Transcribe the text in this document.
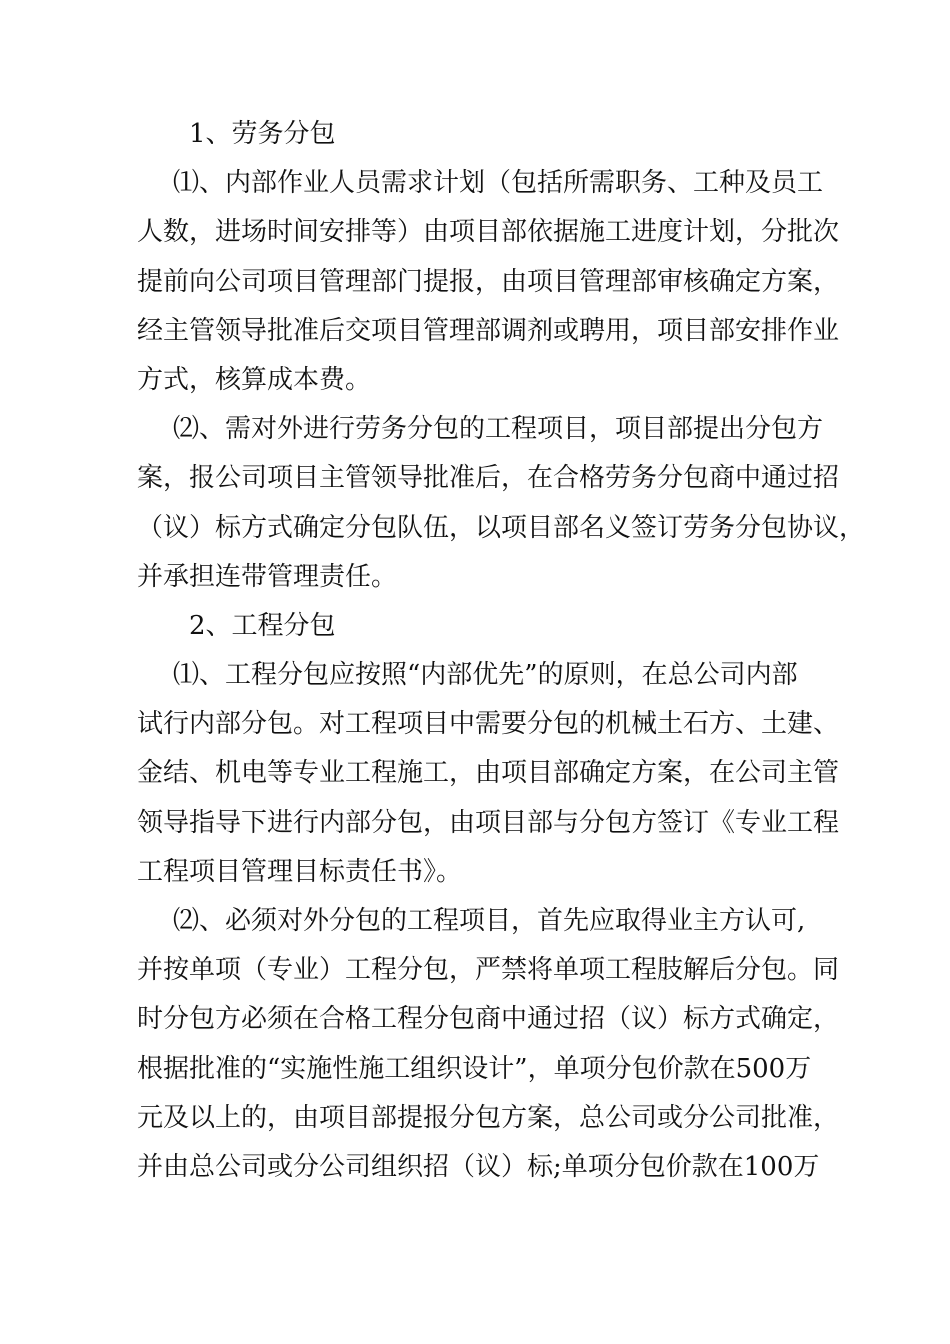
1、劳务分包
⑴、内部作业人员需求计划（包括所需职务、工种及员工
人数，进场时间安排等）由项目部依据施工进度计划，分批次
提前向公司项目管理部门提报，由项目管理部审核确定方案，
经主管领导批准后交项目管理部调剂或聘用，项目部安排作业
方式，核算成本费。
⑵、需对外进行劳务分包的工程项目，项目部提出分包方
案，报公司项目主管领导批准后，在合格劳务分包商中通过招
（议）标方式确定分包队伍，以项目部名义签订劳务分包协议，
并承担连带管理责任。
2、工程分包
⑴、工程分包应按照“内部优先”的原则，在总公司内部
试行内部分包。对工程项目中需要分包的机械土石方、土建、
金结、机电等专业工程施工，由项目部确定方案，在公司主管
领导指导下进行内部分包，由项目部与分包方签订《专业工程
工程项目管理目标责任书》。
⑵、必须对外分包的工程项目，首先应取得业主方认可,
并按单项（专业）工程分包，严禁将单项工程肢解后分包。同
时分包方必须在合格工程分包商中通过招（议）标方式确定，
根据批准的“实施性施工组织设计”，单项分包价款在500万
元及以上的，由项目部提报分包方案，总公司或分公司批准，
并由总公司或分公司组织招（议）标;单项分包价款在100万
